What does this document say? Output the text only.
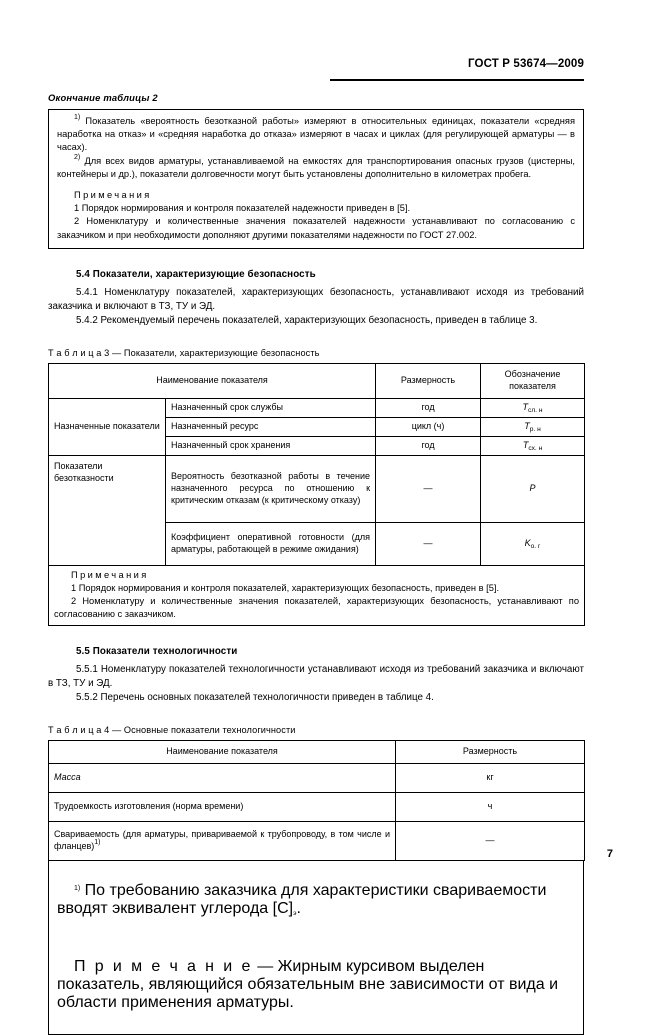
ГОСТ Р 53674—2009
Окончание таблицы 2

$^{1)}$ Показатель «вероятность безотказной работы» измеряют в относительных единицах, показатели «средняя наработка на отказ» и «средняя наработка до отказа» измеряют в часах и циклах (для регулирующей арматуры — в часах).

$^{2)}$ Для всех видов арматуры, устанавливаемой на емкостях для транспортирования опасных грузов (цистерны, контейнеры и др.), показатели долговечности могут быть установлены дополнительно в километрах пробега.

Примечания

1 Порядок нормирования и контроля показателей надежности приведен в [5].

2 Номенклатуру и количественные значения показателей надежности устанавливают по согласованию с заказчиком и при необходимости дополняют другими показателями надежности по ГОСТ 27.002.

5.4 Показатели, характеризующие безопасность

5.4.1 Номенклатуру показателей, характеризующих безопасность, устанавливают исходя из требований заказчика и включают в ТЗ, ТУ и ЭД.

5.4.2 Рекомендуемый перечень показателей, характеризующих безопасность, приведен в таблице 3.

Т а б л и ц а 3 — Показатели, характеризующие безопасность
Наименование показателя		Размерность	Обозначение
показателя
Назначенные показатели	Назначенный срок службы	год	$T_{сл. н}$
	Назначенный ресурс	цикл (ч)	$T_{р. н}$
	Назначенный срок хранения	год	$T_{сх. н}$
Показатели безотказности	Вероятность безотказной работы в течение назначенного ресурса по отношению к критическим отказам (к критическому отказу)	—	P
	Коэффициент оперативной готовности (для арматуры, работающей в режиме ожидания)	—	$K_{о. г}$

Примечания

1 Порядок нормирования и контроля показателей, характеризующих безопасность, приведен в [5].

2 Номенклатуру и количественные значения показателей, характеризующих безопасность, устанавливают по согласованию с заказчиком.			

5.5 Показатели технологичности

5.5.1 Номенклатуру показателей технологичности устанавливают исходя из требований заказчика и включают в ТЗ, ТУ и ЭД.

5.5.2 Перечень основных показателей технологичности приведен в таблице 4.

Т а б л и ц а 4 — Основные показатели технологичности
Наименование показателя	Размерность
Масса	кг
Трудоемкость изготовления (норма времени)	ч
Свариваемость (для арматуры, привариваемой к трубопроводу, в том числе и фланцев)$^{1)}$	—

$^{1)}$ По требованию заказчика для характеристики свариваемости вводят эквивалент углерода $[С]_э$.

П р и м е ч а н и е — Жирным курсивом выделен показатель, являющийся обязательным вне зависимости от вида и области применения арматуры.

7
